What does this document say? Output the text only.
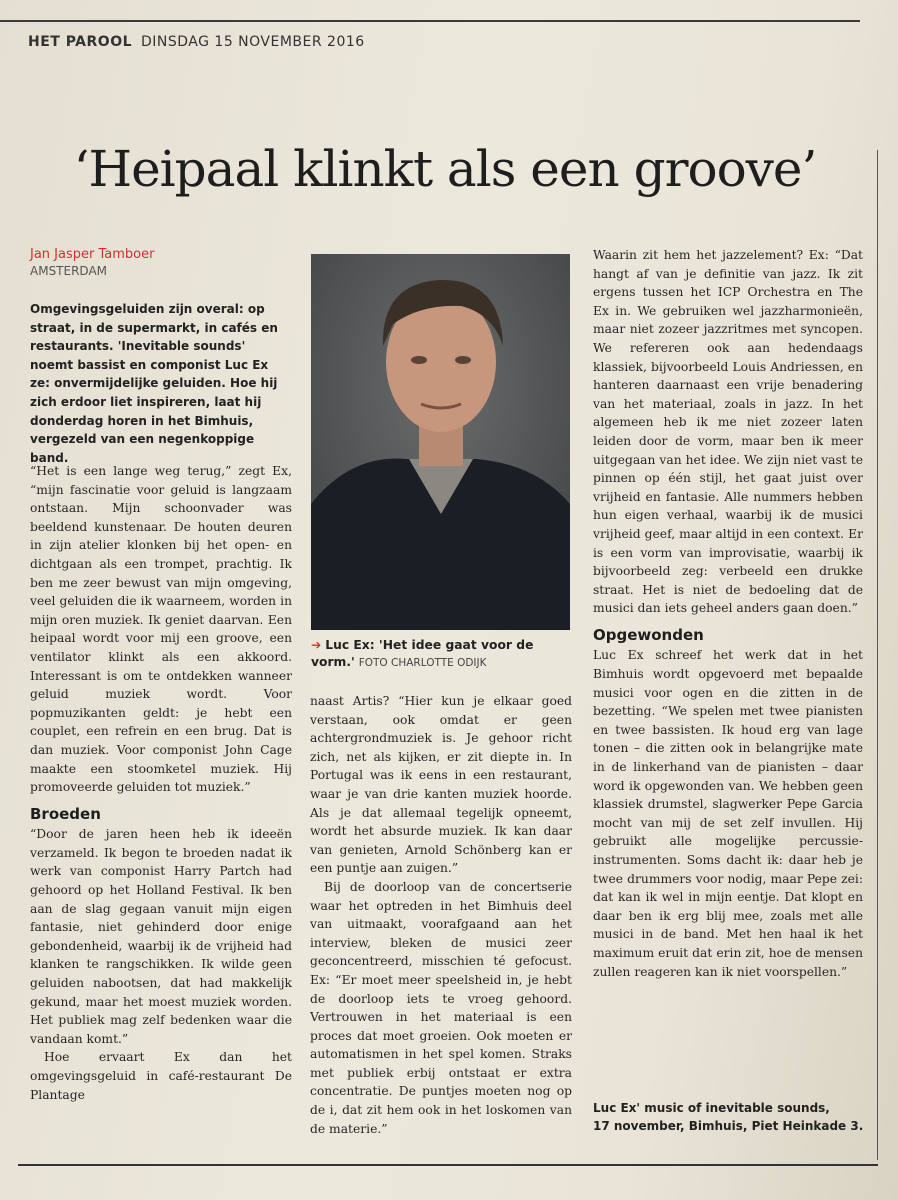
HET PAROOL DINSDAG 15 NOVEMBER 2016
‘Heipaal klinkt als een groove’
Jan Jasper Tamboer
AMSTERDAM
Omgevingsgeluiden zijn overal: op straat, in de supermarkt, in cafés en restaurants. 'Inevitable sounds' noemt bassist en componist Luc Ex ze: onvermijdelijke geluiden. Hoe hij zich erdoor liet inspireren, laat hij donderdag horen in het Bimhuis, vergezeld van een negenkoppige band.

“Het is een lange weg terug,” zegt Ex, “mijn fascinatie voor geluid is langzaam ontstaan. Mijn schoonvader was beeldend kunstenaar. De houten deuren in zijn atelier klonken bij het open- en dichtgaan als een trompet, prachtig. Ik ben me zeer bewust van mijn omgeving, veel geluiden die ik waarneem, worden in mijn oren muziek. Ik geniet daarvan. Een heipaal wordt voor mij een groove, een ventilator klinkt als een akkoord. Interessant is om te ontdekken wanneer geluid muziek wordt. Voor popmuzikanten geldt: je hebt een couplet, een refrein en een brug. Dat is dan muziek. Voor componist John Cage maakte een stoomketel muziek. Hij promoveerde geluiden tot muziek.”

Broeden

“Door de jaren heen heb ik ideeën verzameld. Ik begon te broeden nadat ik werk van componist Harry Partch had gehoord op het Holland Festival. Ik ben aan de slag gegaan vanuit mijn eigen fantasie, niet gehinderd door enige gebondenheid, waarbij ik de vrijheid had klanken te rangschikken. Ik wilde geen geluiden nabootsen, dat had makkelijk gekund, maar het moest muziek worden. Het publiek mag zelf bedenken waar die vandaan komt.”

Hoe ervaart Ex dan het omgevingsgeluid in café-restaurant De Plantage

➔ Luc Ex: 'Het idee gaat voor de vorm.' FOTO CHARLOTTE ODIJK

naast Artis? “Hier kun je elkaar goed verstaan, ook omdat er geen achtergrondmuziek is. Je gehoor richt zich, net als kijken, er zit diepte in. In Portugal was ik eens in een restaurant, waar je van drie kanten muziek hoorde. Als je dat allemaal tegelijk opneemt, wordt het absurde muziek. Ik kan daar van genieten, Arnold Schönberg kan er een puntje aan zuigen.”

Bij de doorloop van de concertserie waar het optreden in het Bimhuis deel van uitmaakt, voorafgaand aan het interview, bleken de musici zeer geconcentreerd, misschien té gefocust. Ex: “Er moet meer speelsheid in, je hebt de doorloop iets te vroeg gehoord. Vertrouwen in het materiaal is een proces dat moet groeien. Ook moeten er automatismen in het spel komen. Straks met publiek erbij ontstaat er extra concentratie. De puntjes moeten nog op de i, dat zit hem ook in het loskomen van de materie.”

Waarin zit hem het jazzelement? Ex: “Dat hangt af van je definitie van jazz. Ik zit ergens tussen het ICP Orchestra en The Ex in. We gebruiken wel jazzharmonieën, maar niet zozeer jazzritmes met syncopen. We refereren ook aan hedendaags klassiek, bijvoorbeeld Louis Andriessen, en hanteren daarnaast een vrije benadering van het materiaal, zoals in jazz. In het algemeen heb ik me niet zozeer laten leiden door de vorm, maar ben ik meer uitgegaan van het idee. We zijn niet vast te pinnen op één stijl, het gaat juist over vrijheid en fantasie. Alle nummers hebben hun eigen verhaal, waarbij ik de musici vrijheid geef, maar altijd in een context. Er is een vorm van improvisatie, waarbij ik bijvoorbeeld zeg: verbeeld een drukke straat. Het is niet de bedoeling dat de musici dan iets geheel anders gaan doen.”

Opgewonden

Luc Ex schreef het werk dat in het Bimhuis wordt opgevoerd met bepaalde musici voor ogen en die zitten in de bezetting. “We spelen met twee pianisten en twee bassisten. Ik houd erg van lage tonen – die zitten ook in belangrijke mate in de linkerhand van de pianisten – daar word ik opgewonden van. We hebben geen klassiek drumstel, slagwerker Pepe Garcia mocht van mij de set zelf invullen. Hij gebruikt alle mogelijke percussie-instrumenten. Soms dacht ik: daar heb je twee drummers voor nodig, maar Pepe zei: dat kan ik wel in mijn eentje. Dat klopt en daar ben ik erg blij mee, zoals met alle musici in de band. Met hen haal ik het maximum eruit dat erin zit, hoe de mensen zullen reageren kan ik niet voorspellen.”

Luc Ex' music of inevitable sounds,
17 november, Bimhuis, Piet Heinkade 3.
